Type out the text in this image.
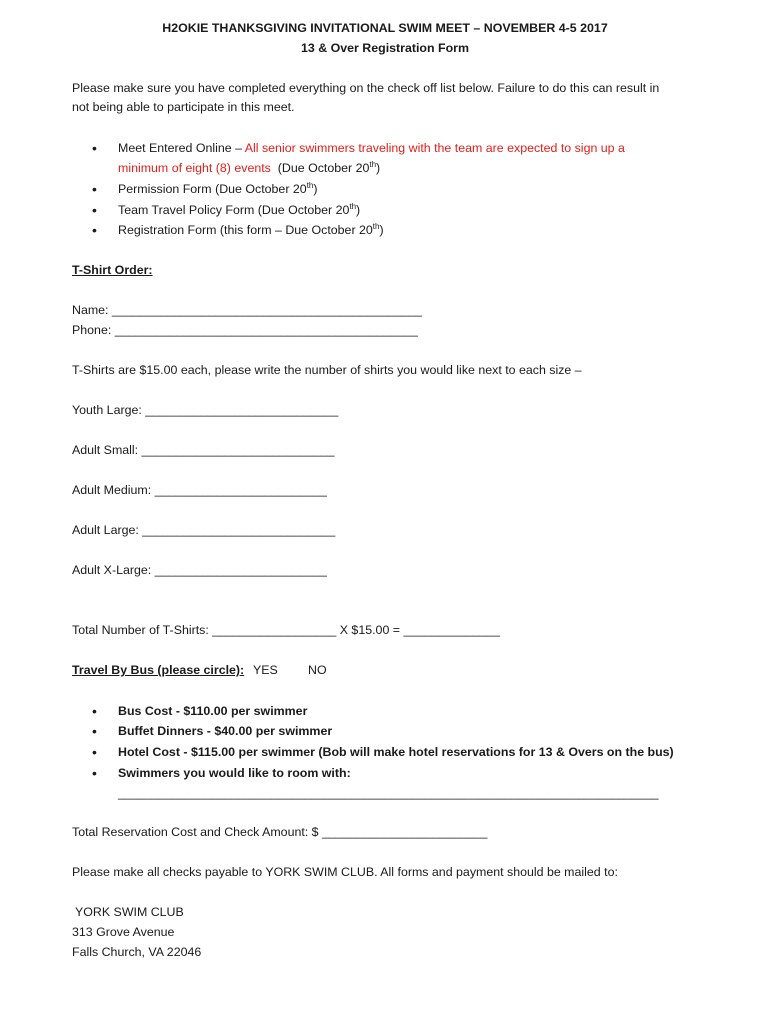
H2OKIE THANKSGIVING INVITATIONAL SWIM MEET – NOVEMBER 4-5 2017
13 & Over Registration Form
Please make sure you have completed everything on the check off list below. Failure to do this can result in
not being able to participate in this meet.
• Meet Entered Online – All senior swimmers traveling with the team are expected to sign up a
minimum of eight (8) events (Due October 20th)
• Permission Form (Due October 20th)
• Team Travel Policy Form (Due October 20th)
• Registration Form (this form – Due October 20th)
T-Shirt Order:
Name: _____________________________________________
Phone: ____________________________________________
T-Shirts are $15.00 each, please write the number of shirts you would like next to each size –
Youth Large: ____________________________
Adult Small: ____________________________
Adult Medium: _________________________
Adult Large: ____________________________
Adult X-Large: _________________________
Total Number of T-Shirts: __________________ X $15.00 = ______________
Travel By Bus (please circle): YES NO
• Bus Cost - $110.00 per swimmer
• Buffet Dinners - $40.00 per swimmer
• Hotel Cost - $115.00 per swimmer (Bob will make hotel reservations for 13 & Overs on the bus)
• Swimmers you would like to room with:
_________________________________________________________________________________
Total Reservation Cost and Check Amount: $ ________________________
Please make all checks payable to YORK SWIM CLUB. All forms and payment should be mailed to:
YORK SWIM CLUB
313 Grove Avenue
Falls Church, VA 22046
